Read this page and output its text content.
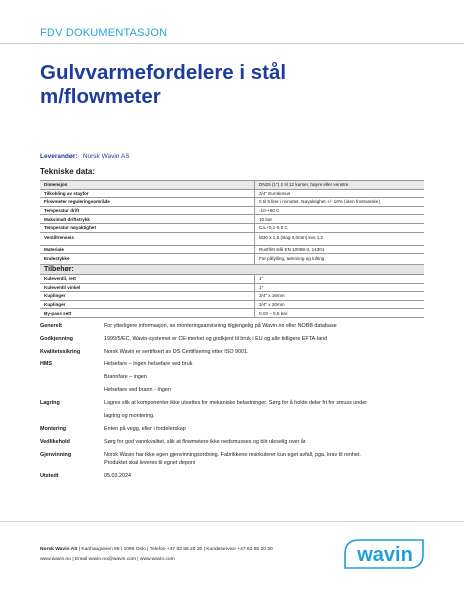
FDV DOKUMENTASJON
Gulvvarmefordelere i stål m/flowmeter
Leverandør: Norsk Wavin AS
Tekniske data:
Dimensjon	DN25 (1") 2 til 12 kurser, høyre eller venstre
Tilkobling av stayfor	3/4" Eurokonus
Flowmeter reguleringsområde	0 til 5 liter i minuttet. Nøyaktighet +/- 10% (uten frostvæske)
Temperatur drift	-10-+60 C
Maksimalt driftstrykk	10 bar
Temperatur nøyaktighet	Ca.+0,1-0,5 C
Ventiltrenseis	M30 x 1,5 (slag 3,0mm) kvs 1,2
Materiale	Rustfritt stål EN 10088-3, 14301
Endestykke	For påfylling, tømming og lufting
Tilbehør:
Kuleventil, rett	1"
Kuleventil vinkel	1"
Kuplinger	3/4" x 16mm
Kuplinger	3/4" x 20mm
By-pass sett	0,03 – 0,5 bar
Generelt	For ytterligere informasjon, se monteringsanvisning tilgjengelig på Wavin.no eller NOBB database
Godkjenning	1999/5/EC. Wavin-systemet er CE-merket og godkjent til bruk i EU og alle tidligere EFTA-land
Kvalitetssikring	Norsk Wavin er sertifisert av DS Certifisering etter ISO 9001.
HMS	Helsefare – Ingen helsefare ved bruk
Brannfare – ingen
Helsefare ved brann - Ingen
Lagring	Lagres slik at komponenter ikke utsettes for mekaniske belastninger. Sørg for å holde deler fri for smuss under
lagring og montering.
Montering	Enten på vegg, eller i fordelerskap
Vedlikehold	Sørg for god vannkvalitet, slik at flowmetere ikke nedsmusses og blir uleselig over år.
Gjenvinning	Norsk Wavin har ikke egen gjenvinningsordning. Fabrikkene resirkulerer kun eget avfall, pga. krav til renhet.
Produktet skal leveres til egnet deponi
Utstedt	05.03.2024
Norsk Wavin AS | Karihaugveien 89 | 1086 Oslo | Telefon +47 63 85 20 20 | Kundeservice +47 63 85 20 30
www.wavin.no | Email wavin.no@wavin.com | www.wavin.com	wavin
